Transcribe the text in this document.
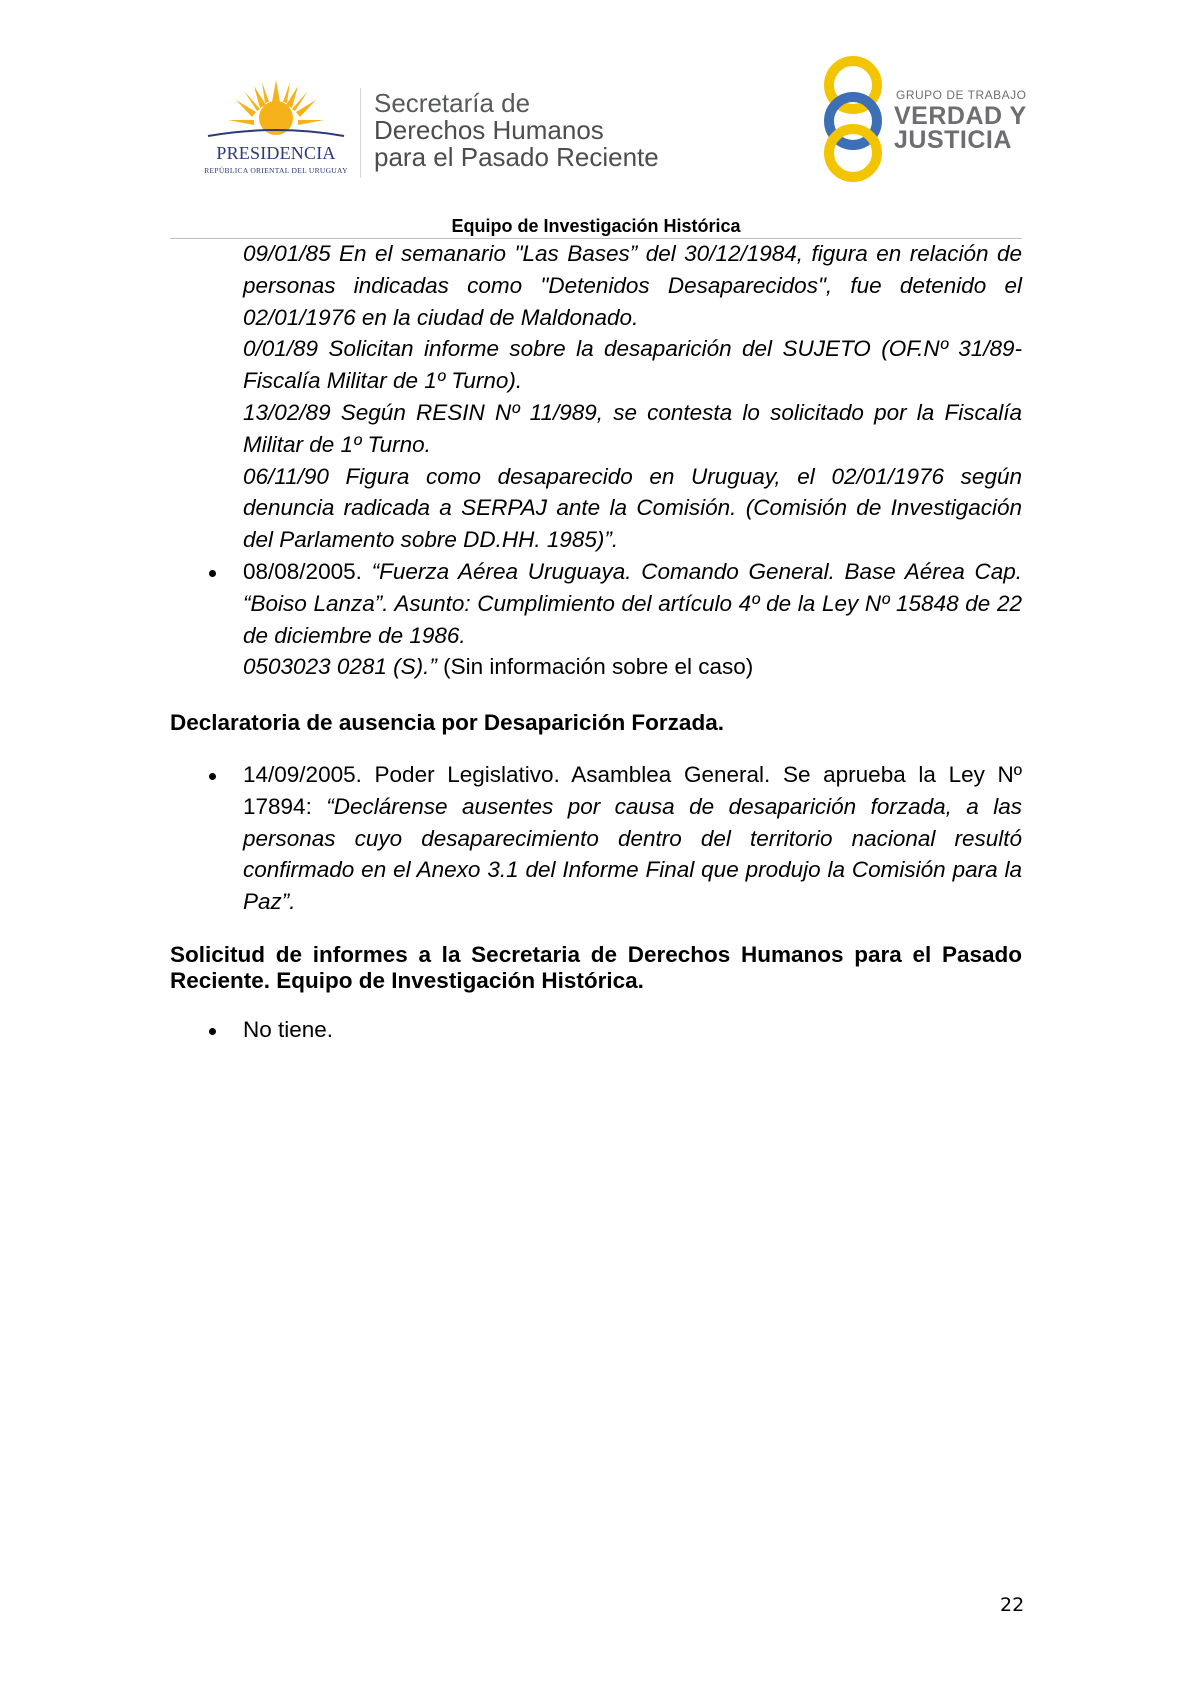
PRESIDENCIA
REPÚBLICA ORIENTAL DEL URUGUAY
Secretaría de
Derechos Humanos
para el Pasado Reciente
GRUPO DE TRABAJO
VERDAD Y
JUSTICIA
Equipo de Investigación Histórica
09/01/85 En el semanario "Las Bases” del 30/12/1984, figura en relación de personas indicadas como "Detenidos Desaparecidos", fue detenido el 02/01/1976 en la ciudad de Maldonado.
0/01/89 Solicitan informe sobre la desaparición del SUJETO (OF.Nº 31/89-Fiscalía Militar de 1º Turno).
13/02/89 Según RESIN Nº 11/989, se contesta lo solicitado por la Fiscalía Militar de 1º Turno.
06/11/90 Figura como desaparecido en Uruguay, el 02/01/1976 según denuncia radicada a SERPAJ ante la Comisión. (Comisión de Investigación del Parlamento sobre DD.HH. 1985)”.
08/08/2005. “Fuerza Aérea Uruguaya. Comando General. Base Aérea Cap. “Boiso Lanza”. Asunto: Cumplimiento del artículo 4º de la Ley Nº 15848 de 22 de diciembre de 1986.
0503023 0281 (S).” (Sin información sobre el caso)
Declaratoria de ausencia por Desaparición Forzada.
14/09/2005. Poder Legislativo. Asamblea General. Se aprueba la Ley Nº 17894: “Declárense ausentes por causa de desaparición forzada, a las personas cuyo desaparecimiento dentro del territorio nacional resultó confirmado en el Anexo 3.1 del Informe Final que produjo la Comisión para la Paz”.
Solicitud de informes a la Secretaria de Derechos Humanos para el Pasado Reciente. Equipo de Investigación Histórica.
No tiene.
22
